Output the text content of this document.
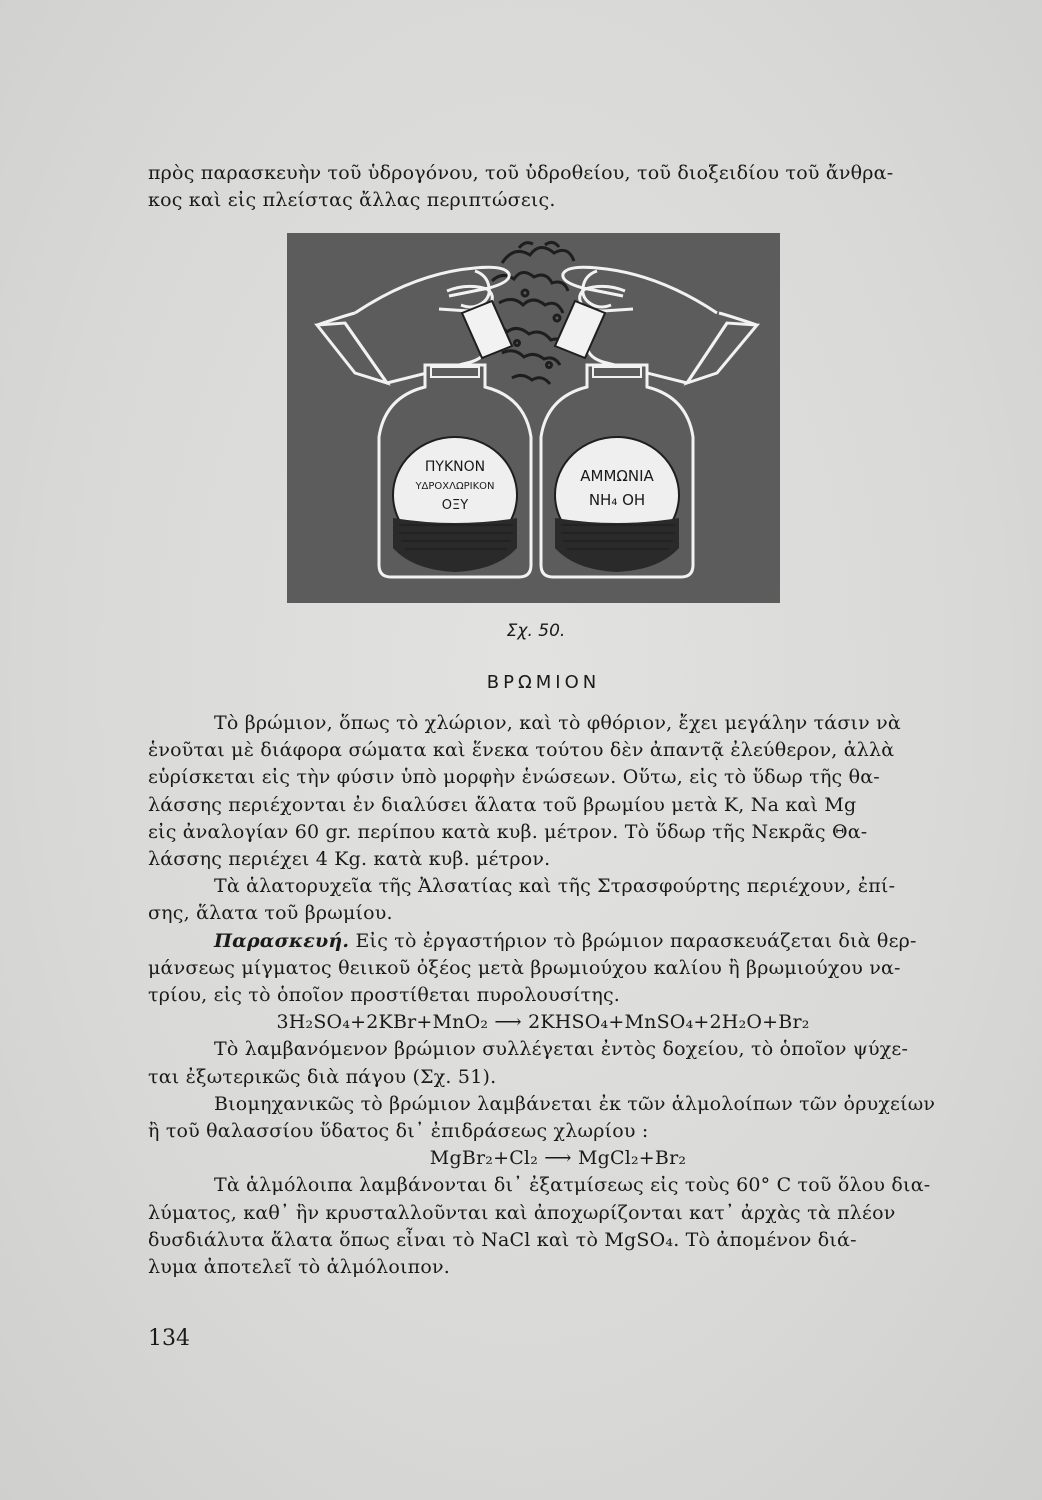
πρὸς παρασκευὴν τοῦ ὑδρογόνου, τοῦ ὑδροθείου, τοῦ διοξειδίου τοῦ ἄνθρα-
κος καὶ εἰς πλείστας ἄλλας περιπτώσεις.
ΠΥΚΝΟΝ
ΥΔΡΟΧΛΩΡΙΚΟΝ
ΟΞΥ
ΑΜΜΩΝΙΑ
ΝΗ₄ ΟΗ
Σχ. 50.
ΒΡΩΜΙΟΝ
Τὸ βρώμιον, ὅπως τὸ χλώριον, καὶ τὸ φθόριον, ἔχει μεγάλην τάσιν νὰ
ἑνοῦται μὲ διάφορα σώματα καὶ ἕνεκα τούτου δὲν ἀπαντᾷ ἐλεύθερον, ἀλλὰ
εὑρίσκεται εἰς τὴν φύσιν ὑπὸ μορφὴν ἑνώσεων. Οὕτω, εἰς τὸ ὕδωρ τῆς θα-
λάσσης περιέχονται ἐν διαλύσει ἅλατα τοῦ βρωμίου μετὰ K, Na καὶ Mg
εἰς ἀναλογίαν 60 gr. περίπου κατὰ κυβ. μέτρον. Τὸ ὕδωρ τῆς Νεκρᾶς Θα-
λάσσης περιέχει 4 Kg. κατὰ κυβ. μέτρον.
Τὰ ἁλατορυχεῖα τῆς Ἀλσατίας καὶ τῆς Στρασφούρτης περιέχουν, ἐπί-
σης, ἅλατα τοῦ βρωμίου.
Παρασκευή. Εἰς τὸ ἐργαστήριον τὸ βρώμιον παρασκευάζεται διὰ θερ-
μάνσεως μίγματος θειικοῦ ὀξέος μετὰ βρωμιούχου καλίου ἢ βρωμιούχου να-
τρίου, εἰς τὸ ὁποῖον προστίθεται πυρολουσίτης.
3H₂SO₄+2KBr+MnO₂ ⟶ 2KHSO₄+MnSO₄+2H₂O+Br₂
Τὸ λαμβανόμενον βρώμιον συλλέγεται ἐντὸς δοχείου, τὸ ὁποῖον ψύχε-
ται ἐξωτερικῶς διὰ πάγου (Σχ. 51).
Βιομηχανικῶς τὸ βρώμιον λαμβάνεται ἐκ τῶν ἁλμολοίπων τῶν ὀρυχείων
ἢ τοῦ θαλασσίου ὕδατος δι᾽ ἐπιδράσεως χλωρίου :
MgBr₂+Cl₂ ⟶ MgCl₂+Br₂
Τὰ ἁλμόλοιπα λαμβάνονται δι᾽ ἐξατμίσεως εἰς τοὺς 60° C τοῦ ὅλου δια-
λύματος, καθ᾽ ἣν κρυσταλλοῦνται καὶ ἀποχωρίζονται κατ᾽ ἀρχὰς τὰ πλέον
δυσδιάλυτα ἅλατα ὅπως εἶναι τὸ NaCl καὶ τὸ MgSO₄. Τὸ ἀπομένον διά-
λυμα ἀποτελεῖ τὸ ἁλμόλοιπον.
134
